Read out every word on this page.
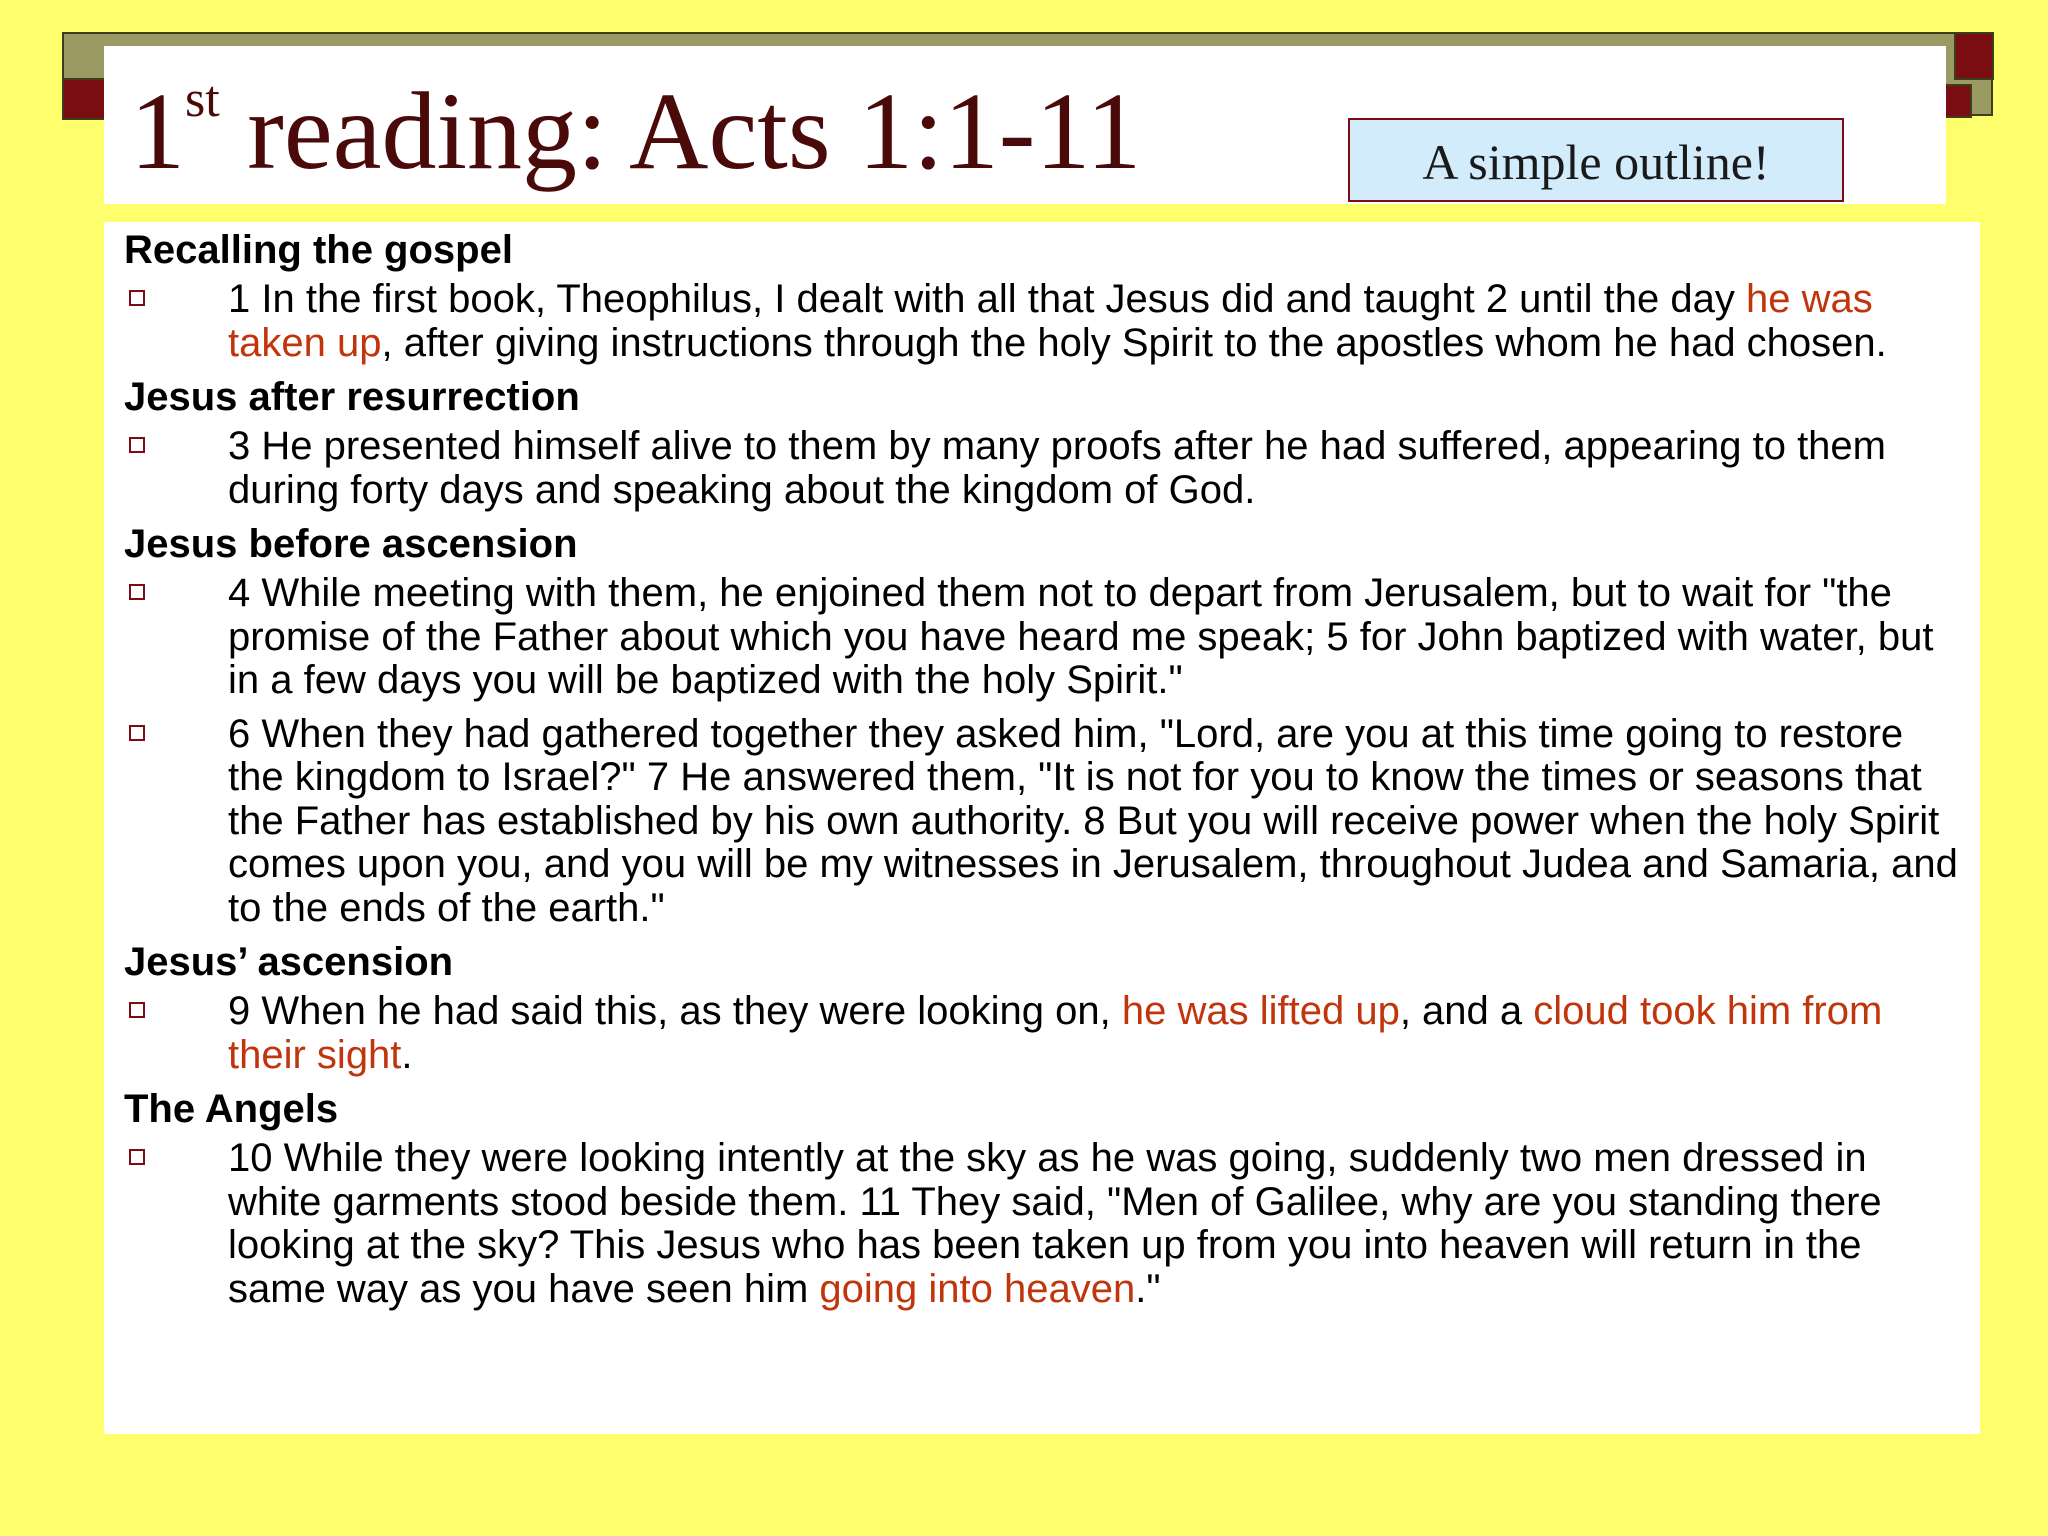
1st reading: Acts 1:1-11	A simple outline!
Recalling the gospel
1 In the first book, Theophilus, I dealt with all that Jesus did and taught 2 until the day he was taken up, after giving instructions through the holy Spirit to the apostles whom he had chosen.
Jesus after resurrection
3 He presented himself alive to them by many proofs after he had suffered, appearing to them during forty days and speaking about the kingdom of God.
Jesus before ascension
4 While meeting with them, he enjoined them not to depart from Jerusalem, but to wait for "the promise of the Father about which you have heard me speak; 5 for John baptized with water, but in a few days you will be baptized with the holy Spirit."
6 When they had gathered together they asked him, "Lord, are you at this time going to restore the kingdom to Israel?" 7 He answered them, "It is not for you to know the times or seasons that the Father has established by his own authority. 8 But you will receive power when the holy Spirit comes upon you, and you will be my witnesses in Jerusalem, throughout Judea and Samaria, and to the ends of the earth."
Jesus’ ascension
9 When he had said this, as they were looking on, he was lifted up, and a cloud took him from their sight.
The Angels
10 While they were looking intently at the sky as he was going, suddenly two men dressed in white garments stood beside them. 11 They said, "Men of Galilee, why are you standing there looking at the sky? This Jesus who has been taken up from you into heaven will return in the same way as you have seen him going into heaven."
